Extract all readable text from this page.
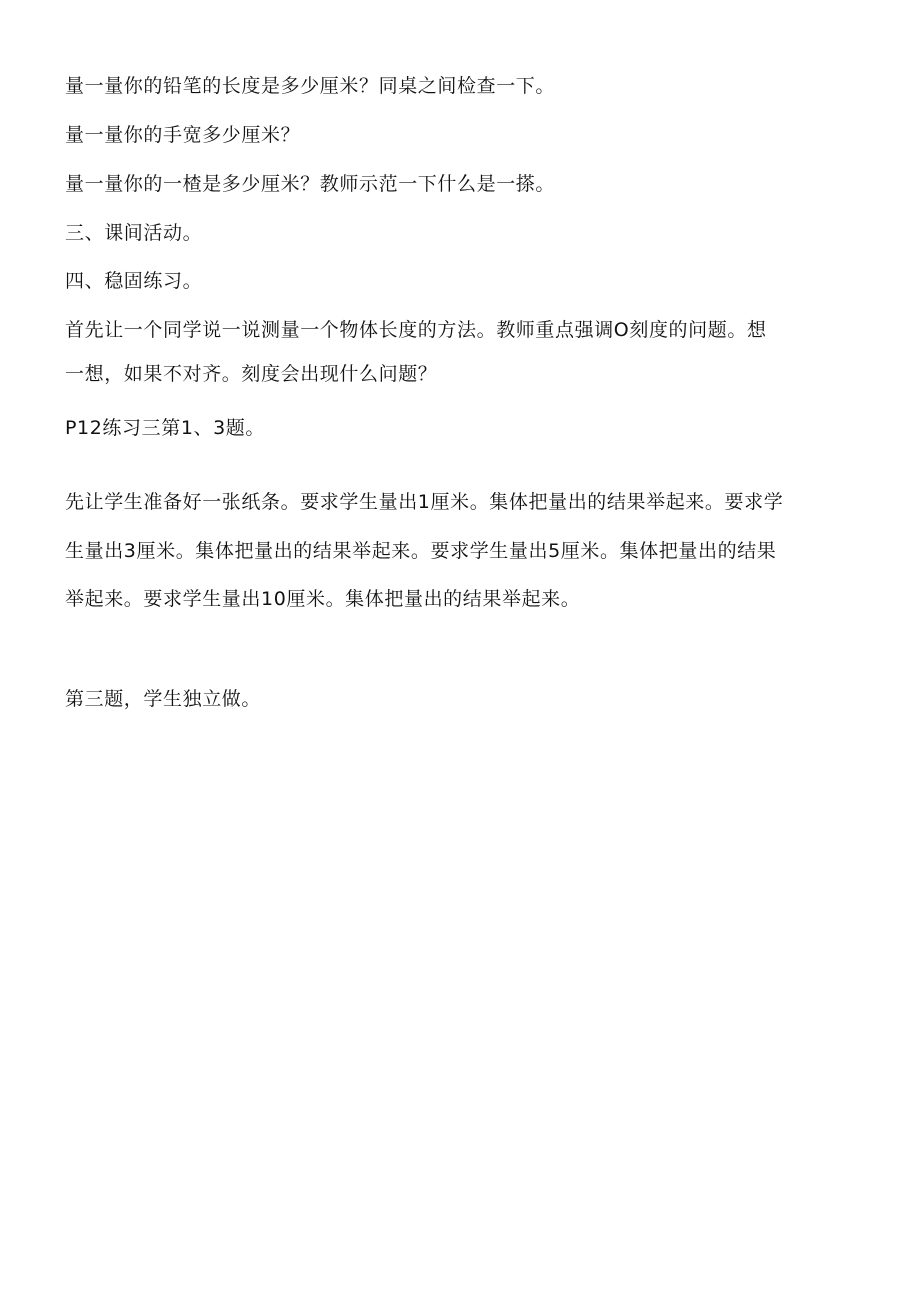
量一量你的铅笔的长度是多少厘米？同桌之间检查一下。
量一量你的手宽多少厘米？
量一量你的一楂是多少厘米？教师示范一下什么是一搽。
三、课间活动。
四、稳固练习。
首先让一个同学说一说测量一个物体长度的方法。教师重点强调O刻度的问题。想
一想，如果不对齐。刻度会出现什么问题？
P12练习三第1、3题。
先让学生准备好一张纸条。要求学生量出1厘米。集体把量出的结果举起来。要求学
生量出3厘米。集体把量出的结果举起来。要求学生量出5厘米。集体把量出的结果
举起来。要求学生量出10厘米。集体把量出的结果举起来。
第三题，学生独立做。
